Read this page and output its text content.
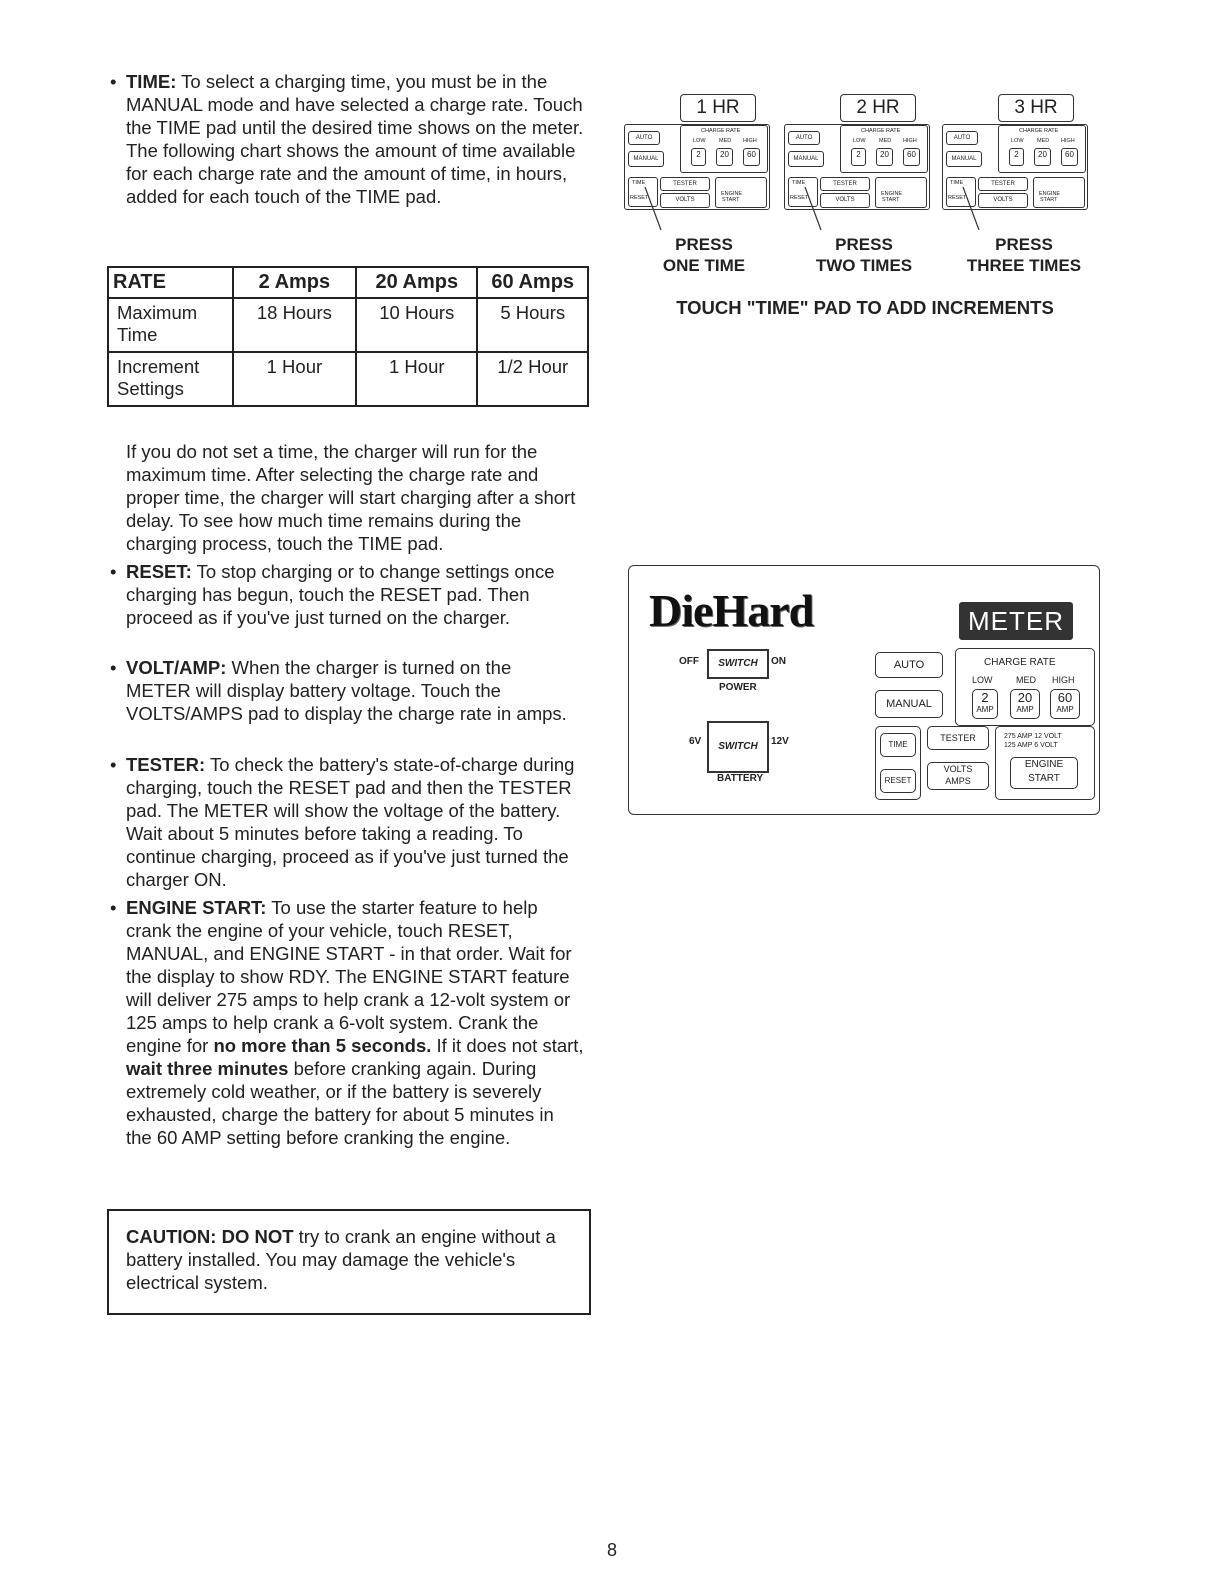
• TIME: To select a charging time, you must be in the MANUAL mode and have selected a charge rate. Touch the TIME pad until the desired time shows on the meter. The following chart shows the amount of time available for each charge rate and the amount of time, in hours, added for each touch of the TIME pad.
RATE	2 Amps	20 Amps	60 Amps
Maximum Time	18 Hours	10 Hours	5 Hours
Increment Settings	1 Hour	1 Hour	1/2 Hour
If you do not set a time, the charger will run for the maximum time. After selecting the charge rate and proper time, the charger will start charging after a short delay. To see how much time remains during the charging process, touch the TIME pad.
• RESET: To stop charging or to change settings once charging has begun, touch the RESET pad. Then proceed as if you've just turned on the charger.
• VOLT/AMP: When the charger is turned on the METER will display battery voltage. Touch the VOLTS/AMPS pad to display the charge rate in amps.
• TESTER: To check the battery's state-of-charge during charging, touch the RESET pad and then the TESTER pad. The METER will show the voltage of the battery. Wait about 5 minutes before taking a reading. To continue charging, proceed as if you've just turned the charger ON.
• ENGINE START: To use the starter feature to help crank the engine of your vehicle, touch RESET, MANUAL, and ENGINE START - in that order. Wait for the display to show RDY. The ENGINE START feature will deliver 275 amps to help crank a 12-volt system or 125 amps to help crank a 6-volt system. Crank the engine for no more than 5 seconds. If it does not start, wait three minutes before cranking again. During extremely cold weather, or if the battery is severely exhausted, charge the battery for about 5 minutes in the 60 AMP setting before cranking the engine.
CAUTION: DO NOT try to crank an engine without a battery installed. You may damage the vehicle's electrical system.
1 HR
AUTO
MANUAL
CHARGE RATE
LOW MED HIGH
2	20	60
TIME
RESET
TESTER
VOLTS
ENGINE
START
2 HR
AUTO
MANUAL
CHARGE RATE
LOW MED HIGH
2	20	60
TIME
RESET
TESTER
VOLTS
ENGINE
START
3 HR
AUTO
MANUAL
CHARGE RATE
LOW MED HIGH
2	20	60
TIME
RESET
TESTER
VOLTS
ENGINE
START
PRESS
ONE TIME
PRESS
TWO TIMES
PRESS
THREE TIMES
TOUCH "TIME" PAD TO ADD INCREMENTS
DieHard	METER
OFF	SWITCH	ON
POWER
6V	SWITCH	12V
BATTERY
AUTO
MANUAL
CHARGE RATE
LOW	MED HIGH
2
AMP
20
AMP
60
AMP
TIME
RESET
TESTER
VOLTS
AMPS
275 AMP 12 VOLT
125 AMP 6 VOLT
ENGINE
START
8
